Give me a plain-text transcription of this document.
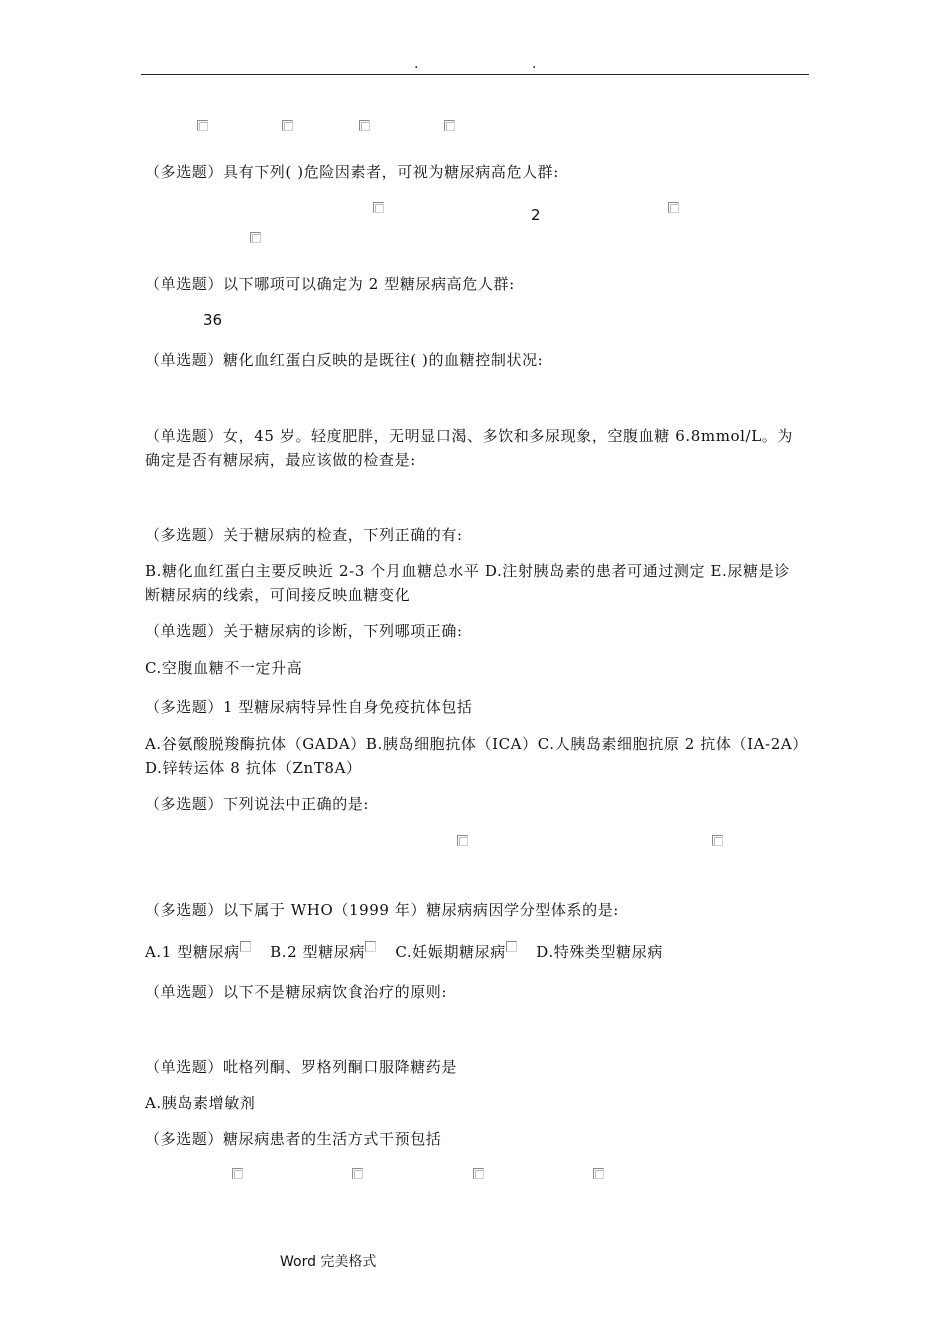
.	.
（多选题）具有下列( )危险因素者，可视为糖尿病高危人群:
2
（单选题）以下哪项可以确定为 2 型糖尿病高危人群:
36
（单选题）糖化血红蛋白反映的是既往( )的血糖控制状况:
（单选题）女，45 岁。轻度肥胖，无明显口渴、多饮和多尿现象，空腹血糖 6.8mmol/L。为确定是否有糖尿病，最应该做的检查是:
（多选题）关于糖尿病的检查，下列正确的有:
B.糖化血红蛋白主要反映近 2-3 个月血糖总水平 D.注射胰岛素的患者可通过测定 E.尿糖是诊断糖尿病的线索，可间接反映血糖变化
（单选题）关于糖尿病的诊断，下列哪项正确:
C.空腹血糖不一定升高
（多选题）1 型糖尿病特异性自身免疫抗体包括
A.谷氨酸脱羧酶抗体（GADA）B.胰岛细胞抗体（ICA）C.人胰岛素细胞抗原 2 抗体（IA-2A）D.锌转运体 8 抗体（ZnT8A）
（多选题）下列说法中正确的是:
（多选题）以下属于 WHO（1999 年）糖尿病病因学分型体系的是:
A.1 型糖尿病 B.2 型糖尿病 C.妊娠期糖尿病 D.特殊类型糖尿病
（单选题）以下不是糖尿病饮食治疗的原则:
（单选题）吡格列酮、罗格列酮口服降糖药是
A.胰岛素增敏剂
（多选题）糖尿病患者的生活方式干预包括
Word 完美格式
